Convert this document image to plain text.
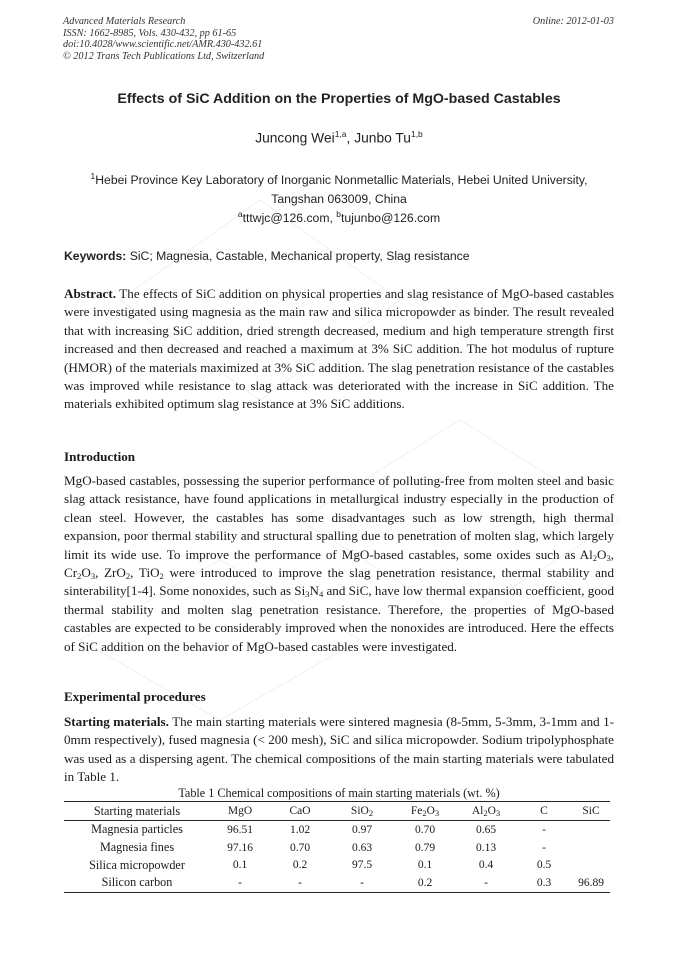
Advanced Materials Research
ISSN: 1662-8985, Vols. 430-432, pp 61-65
doi:10.4028/www.scientific.net/AMR.430-432.61
© 2012 Trans Tech Publications Ltd, Switzerland
Online: 2012-01-03
Effects of SiC Addition on the Properties of MgO-based Castables
Juncong Wei$^{1,a}$, Junbo Tu$^{1,b}$
$^1$Hebei Province Key Laboratory of Inorganic Nonmetallic Materials, Hebei United University,
Tangshan 063009, China
$^a$tttwjc@126.com, $^b$tujunbo@126.com
Keywords: SiC; Magnesia, Castable, Mechanical property, Slag resistance
Abstract. The effects of SiC addition on physical properties and slag resistance of MgO-based castables were investigated using magnesia as the main raw and silica micropowder as binder. The result revealed that with increasing SiC addition, dried strength decreased, medium and high temperature strength first increased and then decreased and reached a maximum at 3% SiC addition. The hot modulus of rupture (HMOR) of the materials maximized at 3% SiC addition. The slag penetration resistance of the castables was improved while resistance to slag attack was deteriorated with the increase in SiC addition. The materials exhibited optimum slag resistance at 3% SiC additions.
Introduction
MgO-based castables, possessing the superior performance of polluting-free from molten steel and basic slag attack resistance, have found applications in metallurgical industry especially in the production of clean steel. However, the castables has some disadvantages such as low strength, high thermal expansion, poor thermal stability and structural spalling due to penetration of molten slag, which largely limit its wide use. To improve the performance of MgO-based castables, some oxides such as $Al_2O_3$, $Cr_2O_3$, ZrO$_2$, TiO$_2$ were introduced to improve the slag penetration resistance, thermal stability and sinterability[1-4]. Some nonoxides, such as $Si_3N_4$ and SiC, have low thermal expansion coefficient, good thermal stability and molten slag penetration resistance. Therefore, the properties of MgO-based castables are expected to be considerably improved when the nonoxides are introduced. Here the effects of SiC addition on the behavior of MgO-based castables were investigated.
Experimental procedures
Starting materials. The main starting materials were sintered magnesia (8-5mm, 5-3mm, 3-1mm and 1-0mm respectively), fused magnesia (< 200 mesh), SiC and silica micropowder. Sodium tripolyphosphate was used as a dispersing agent. The chemical compositions of the main starting materials were tabulated in Table 1.
Table 1 Chemical compositions of main starting materials (wt. %)
Starting materials	MgO	CaO	SiO$_2$	$Fe_2O_3$	$Al_2O_3$	C	SiC
Magnesia particles	96.51	1.02	0.97	0.70	0.65	-	
Magnesia fines	97.16	0.70	0.63	0.79	0.13	-	
Silica micropowder	0.1	0.2	97.5	0.1	0.4	0.5	
Silicon carbon	-	-	-	0.2	-	0.3	96.89
